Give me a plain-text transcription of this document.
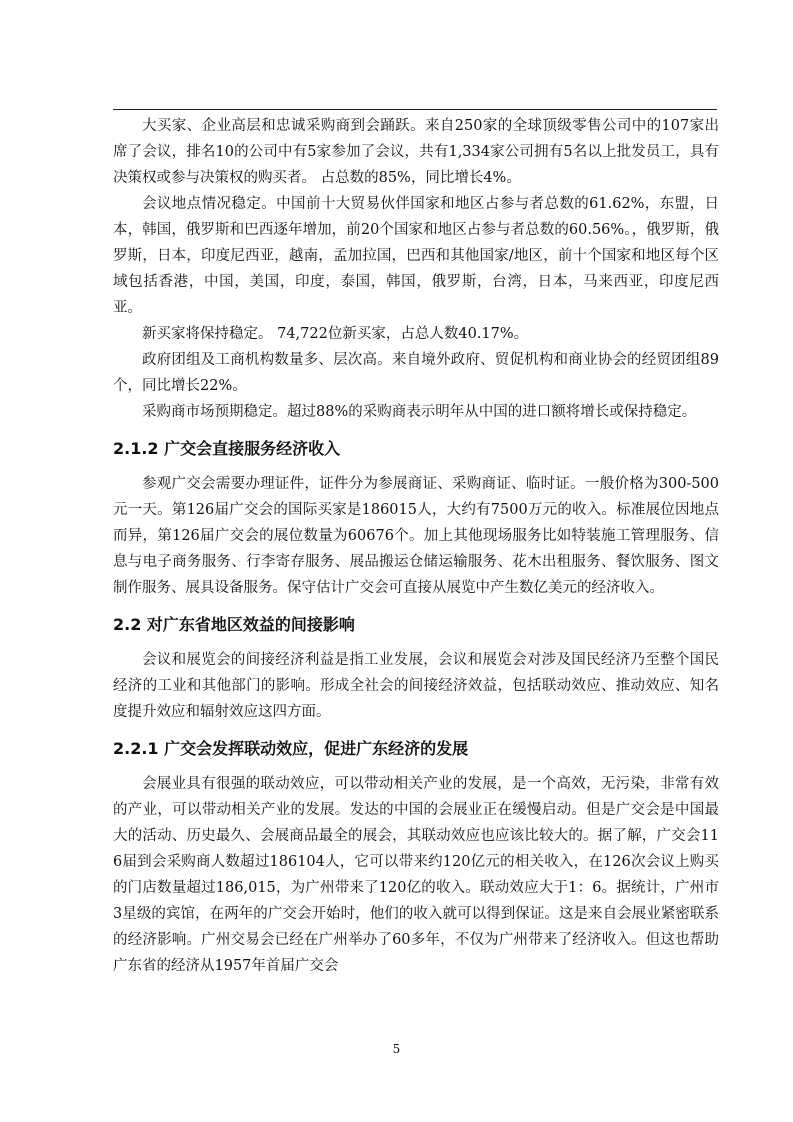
大买家、企业高层和忠诚采购商到会踊跃。来自250家的全球顶级零售公司中的107家出席了会议，排名10的公司中有5家参加了会议，共有1,334家公司拥有5名以上批发员工，具有决策权或参与决策权的购买者。 占总数的85%，同比增长4%。

会议地点情况稳定。中国前十大贸易伙伴国家和地区占参与者总数的61.62%，东盟，日本，韩国，俄罗斯和巴西逐年增加，前20个国家和地区占参与者总数的60.56%。，俄罗斯，俄罗斯，日本，印度尼西亚，越南，孟加拉国，巴西和其他国家/地区，前十个国家和地区每个区域包括香港，中国，美国，印度，泰国，韩国，俄罗斯，台湾，日本，马来西亚，印度尼西亚。

新买家将保持稳定。 74,722位新买家，占总人数40.17%。

政府团组及工商机构数量多、层次高。来自境外政府、贸促机构和商业协会的经贸团组89个，同比增长22%。

采购商市场预期稳定。超过88%的采购商表示明年从中国的进口额将增长或保持稳定。

2.1.2 广交会直接服务经济收入

参观广交会需要办理证件，证件分为参展商证、采购商证、临时证。一般价格为300-500元一天。第126届广交会的国际买家是186015人，大约有7500万元的收入。标准展位因地点而异，第126届广交会的展位数量为60676个。加上其他现场服务比如特装施工管理服务、信息与电子商务服务、行李寄存服务、展品搬运仓储运输服务、花木出租服务、餐饮服务、图文制作服务、展具设备服务。保守估计广交会可直接从展览中产生数亿美元的经济收入。

2.2 对广东省地区效益的间接影响

会议和展览会的间接经济利益是指工业发展，会议和展览会对涉及国民经济乃至整个国民经济的工业和其他部门的影响。形成全社会的间接经济效益，包括联动效应、推动效应、知名度提升效应和辐射效应这四方面。

2.2.1 广交会发挥联动效应，促进广东经济的发展

会展业具有很强的联动效应，可以带动相关产业的发展，是一个高效，无污染，非常有效的产业，可以带动相关产业的发展。发达的中国的会展业正在缓慢启动。但是广交会是中国最大的活动、历史最久、会展商品最全的展会，其联动效应也应该比较大的。据了解，广交会116届到会采购商人数超过186104人，它可以带来约120亿元的相关收入，在126次会议上购买的门店数量超过186,015，为广州带来了120亿的收入。联动效应大于1：6。据统计，广州市3星级的宾馆，在两年的广交会开始时，他们的收入就可以得到保证。这是来自会展业紧密联系的经济影响。广州交易会已经在广州举办了60多年，不仅为广州带来了经济收入。但这也帮助广东省的经济从1957年首届广交会

5
